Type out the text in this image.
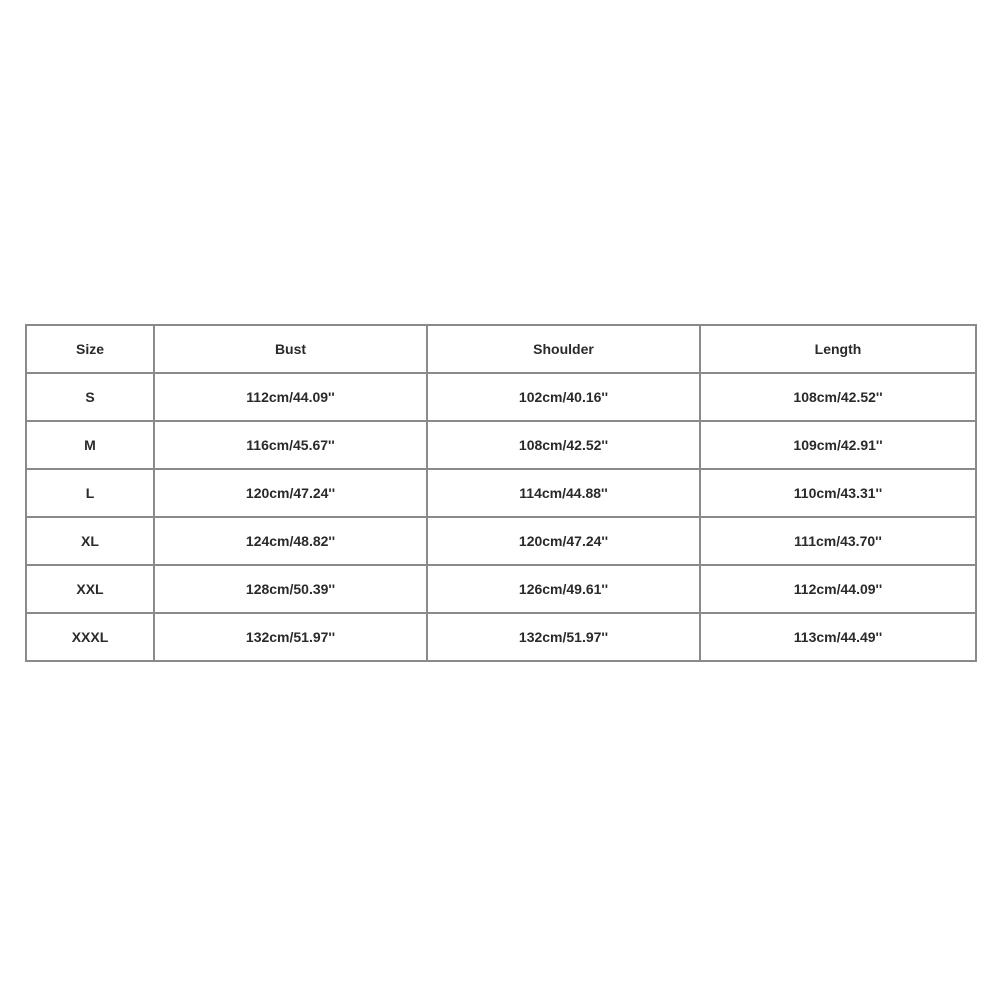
Size	Bust	Shoulder	Length
S	112cm/44.09''	102cm/40.16''	108cm/42.52''
M	116cm/45.67''	108cm/42.52''	109cm/42.91''
L	120cm/47.24''	114cm/44.88''	110cm/43.31''
XL	124cm/48.82''	120cm/47.24''	111cm/43.70''
XXL	128cm/50.39''	126cm/49.61''	112cm/44.09''
XXXL	132cm/51.97''	132cm/51.97''	113cm/44.49''
